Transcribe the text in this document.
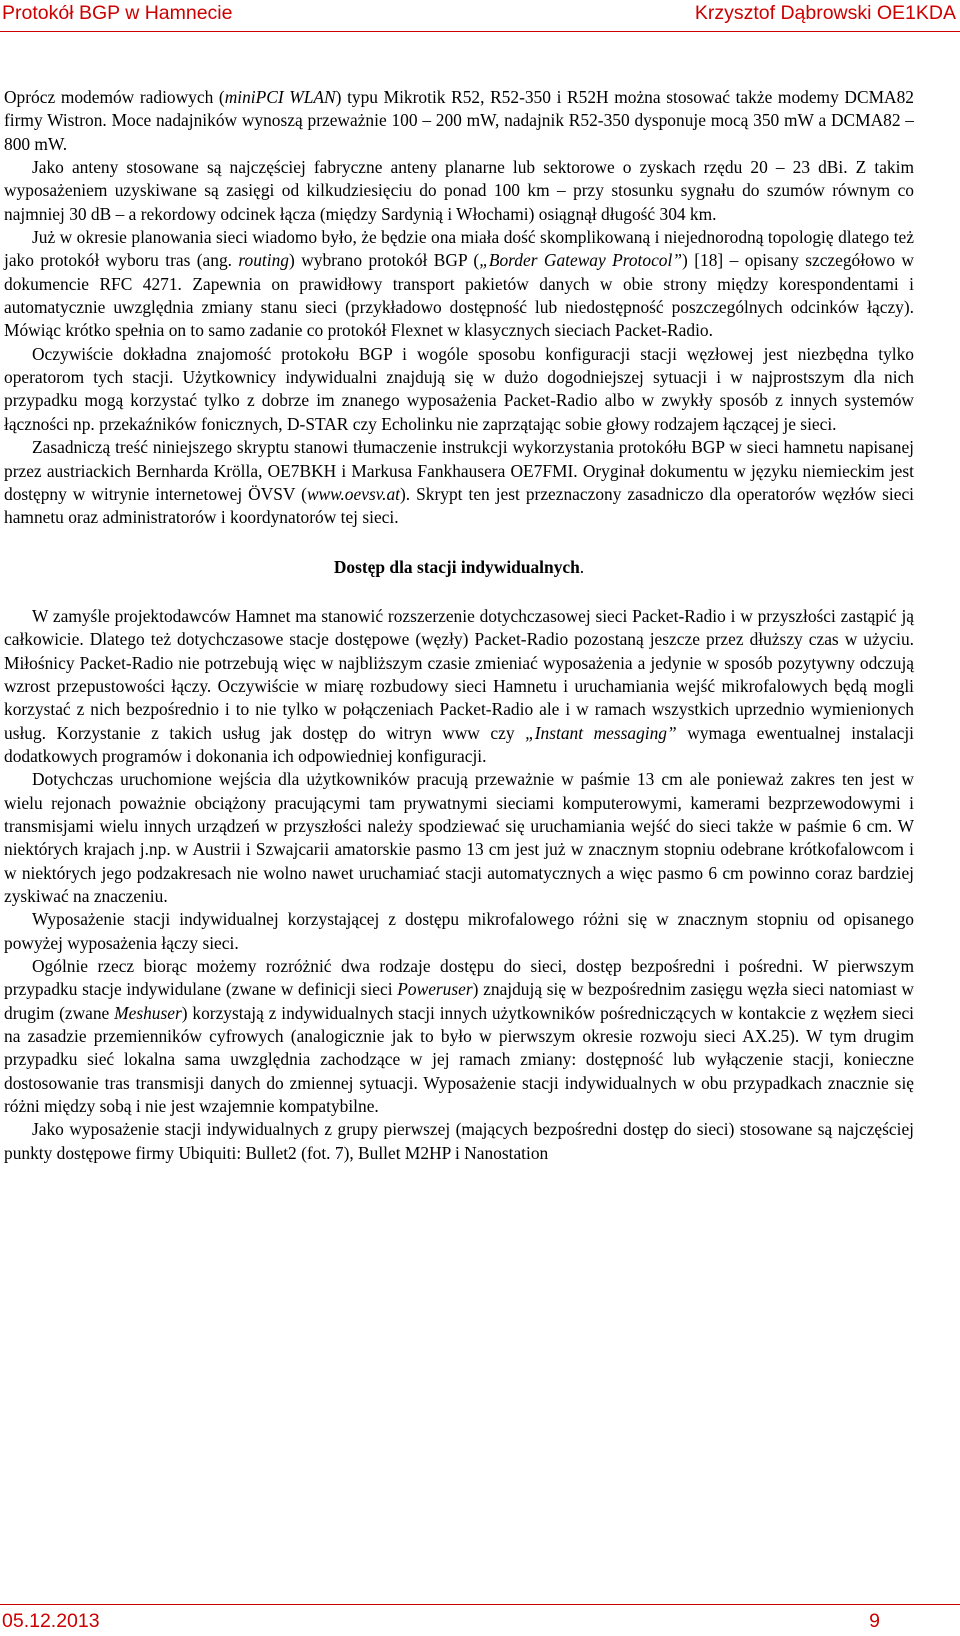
Protokół BGP w Hamnecie	Krzysztof Dąbrowski OE1KDA

Oprócz modemów radiowych (miniPCI WLAN) typu Mikrotik R52, R52-350 i R52H można stosować także modemy DCMA82 firmy Wistron. Moce nadajników wynoszą przeważnie 100 – 200 mW, nadajnik R52-350 dysponuje mocą 350 mW a DCMA82 – 800 mW.

Jako anteny stosowane są najczęściej fabryczne anteny planarne lub sektorowe o zyskach rzędu 20 – 23 dBi. Z takim wyposażeniem uzyskiwane są zasięgi od kilkudziesięciu do ponad 100 km – przy stosunku sygnału do szumów równym co najmniej 30 dB – a rekordowy odcinek łącza (między Sardynią i Włochami) osiągnął długość 304 km.

Już w okresie planowania sieci wiadomo było, że będzie ona miała dość skomplikowaną i niejednorodną topologię dlatego też jako protokół wyboru tras (ang. routing) wybrano protokół BGP („Border Gateway Protocol”) [18] – opisany szczegółowo w dokumencie RFC 4271. Zapewnia on prawidłowy transport pakietów danych w obie strony między korespondentami i automatycznie uwzględnia zmiany stanu sieci (przykładowo dostępność lub niedostępność poszczególnych odcinków łączy). Mówiąc krótko spełnia on to samo zadanie co protokół Flexnet w klasycznych sieciach Packet-Radio.

Oczywiście dokładna znajomość protokołu BGP i wogóle sposobu konfiguracji stacji węzłowej jest niezbędna tylko operatorom tych stacji. Użytkownicy indywidualni znajdują się w dużo dogodniejszej sytuacji i w najprostszym dla nich przypadku mogą korzystać tylko z dobrze im znanego wyposażenia Packet-Radio albo w zwykły sposób z innych systemów łączności np. przekaźników fonicznych, D-STAR czy Echolinku nie zaprzątając sobie głowy rodzajem łączącej je sieci.

Zasadniczą treść niniejszego skryptu stanowi tłumaczenie instrukcji wykorzystania protokółu BGP w sieci hamnetu napisanej przez austriackich Bernharda Krölla, OE7BKH i Markusa Fankhausera OE7FMI. Oryginał dokumentu w języku niemieckim jest dostępny w witrynie internetowej ÖVSV (www.oevsv.at). Skrypt ten jest przeznaczony zasadniczo dla operatorów węzłów sieci hamnetu oraz administratorów i koordynatorów tej sieci.

Dostęp dla stacji indywidualnych.

W zamyśle projektodawców Hamnet ma stanowić rozszerzenie dotychczasowej sieci Packet-Radio i w przyszłości zastąpić ją całkowicie. Dlatego też dotychczasowe stacje dostępowe (węzły) Packet-Radio pozostaną jeszcze przez dłuższy czas w użyciu. Miłośnicy Packet-Radio nie potrzebują więc w najbliższym czasie zmieniać wyposażenia a jedynie w sposób pozytywny odczują wzrost przepustowości łączy. Oczywiście w miarę rozbudowy sieci Hamnetu i uruchamiania wejść mikrofalowych będą mogli korzystać z nich bezpośrednio i to nie tylko w połączeniach Packet-Radio ale i w ramach wszystkich uprzednio wymienionych usług. Korzystanie z takich usług jak dostęp do witryn www czy „Instant messaging” wymaga ewentualnej instalacji dodatkowych programów i dokonania ich odpowiedniej konfiguracji.

Dotychczas uruchomione wejścia dla użytkowników pracują przeważnie w paśmie 13 cm ale ponieważ zakres ten jest w wielu rejonach poważnie obciążony pracującymi tam prywatnymi sieciami komputerowymi, kamerami bezprzewodowymi i transmisjami wielu innych urządzeń w przyszłości należy spodziewać się uruchamiania wejść do sieci także w paśmie 6 cm. W niektórych krajach j.np. w Austrii i Szwajcarii amatorskie pasmo 13 cm jest już w znacznym stopniu odebrane krótkofalowcom i w niektórych jego podzakresach nie wolno nawet uruchamiać stacji automatycznych a więc pasmo 6 cm powinno coraz bardziej zyskiwać na znaczeniu.

Wyposażenie stacji indywidualnej korzystającej z dostępu mikrofalowego różni się w znacznym stopniu od opisanego powyżej wyposażenia łączy sieci.

Ogólnie rzecz biorąc możemy rozróżnić dwa rodzaje dostępu do sieci, dostęp bezpośredni i pośredni. W pierwszym przypadku stacje indywidulane (zwane w definicji sieci Poweruser) znajdują się w bezpośrednim zasięgu węzła sieci natomiast w drugim (zwane Meshuser) korzystają z indywidualnych stacji innych użytkowników pośredniczących w kontakcie z węzłem sieci na zasadzie przemienników cyfrowych (analogicznie jak to było w pierwszym okresie rozwoju sieci AX.25). W tym drugim przypadku sieć lokalna sama uwzględnia zachodzące w jej ramach zmiany: dostępność lub wyłączenie stacji, konieczne dostosowanie tras transmisji danych do zmiennej sytuacji. Wyposażenie stacji indywidualnych w obu przypadkach znacznie się różni między sobą i nie jest wzajemnie kompatybilne.

Jako wyposażenie stacji indywidualnych z grupy pierwszej (mających bezpośredni dostęp do sieci) stosowane są najczęściej punkty dostępowe firmy Ubiquiti: Bullet2 (fot. 7), Bullet M2HP i Nanostation

05.12.2013	9
